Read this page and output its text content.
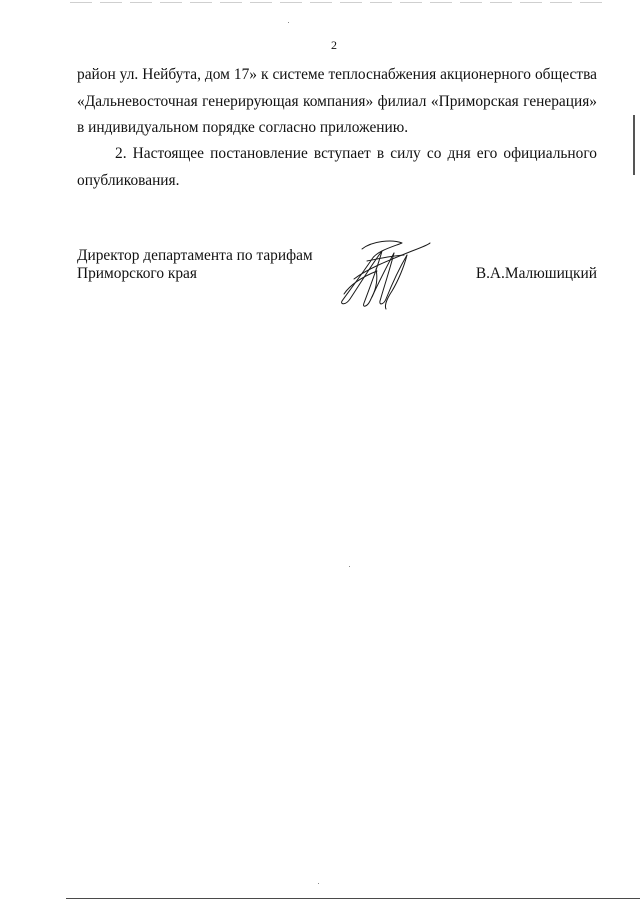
2
район ул. Нейбута, дом 17» к системе теплоснабжения акционерного общества
«Дальневосточная генерирующая компания» филиал «Приморская генерация»
в индивидуальном порядке согласно приложению.
2. Настоящее постановление вступает в силу со дня его официального
опубликования.
Директор департамента по тарифам
Приморского края	В.А.Малюшицкий
